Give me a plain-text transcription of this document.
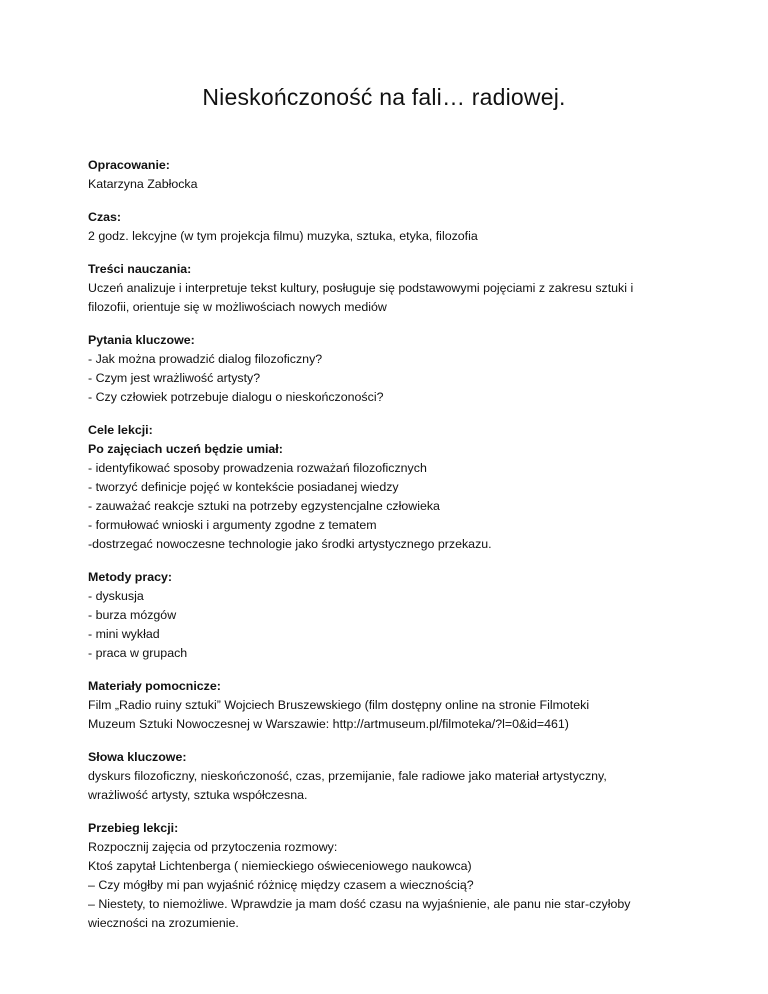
Nieskończoność na fali… radiowej.

Opracowanie:

Katarzyna Zabłocka

Czas:

2 godz. lekcyjne (w tym projekcja filmu) muzyka, sztuka, etyka, filozofia

Treści nauczania:

Uczeń analizuje i interpretuje tekst kultury, posługuje się podstawowymi pojęciami z zakresu sztuki i

filozofii, orientuje się w możliwościach nowych mediów

Pytania kluczowe:

- Jak można prowadzić dialog filozoficzny?

- Czym jest wrażliwość artysty?

- Czy człowiek potrzebuje dialogu o nieskończoności?

Cele lekcji:

Po zajęciach uczeń będzie umiał:

- identyfikować sposoby prowadzenia rozważań filozoficznych

- tworzyć definicje pojęć w kontekście posiadanej wiedzy

- zauważać reakcje sztuki na potrzeby egzystencjalne człowieka

- formułować wnioski i argumenty zgodne z tematem

-dostrzegać nowoczesne technologie jako środki artystycznego przekazu.

Metody pracy:

- dyskusja

- burza mózgów

- mini wykład

- praca w grupach

Materiały pomocnicze:

Film „Radio ruiny sztuki” Wojciech Bruszewskiego (film dostępny online na stronie Filmoteki

Muzeum Sztuki Nowoczesnej w Warszawie: http://artmuseum.pl/filmoteka/?l=0&id=461)

Słowa kluczowe:

dyskurs filozoficzny, nieskończoność, czas, przemijanie, fale radiowe jako materiał artystyczny,

wrażliwość artysty, sztuka współczesna.

Przebieg lekcji:

Rozpocznij zajęcia od przytoczenia rozmowy:

Ktoś zapytał Lichtenberga ( niemieckiego oświeceniowego naukowca)

– Czy mógłby mi pan wyjaśnić różnicę między czasem a wiecznością?

– Niestety, to niemożliwe. Wprawdzie ja mam dość czasu na wyjaśnienie, ale panu nie star-czyłoby

wieczności na zrozumienie.
